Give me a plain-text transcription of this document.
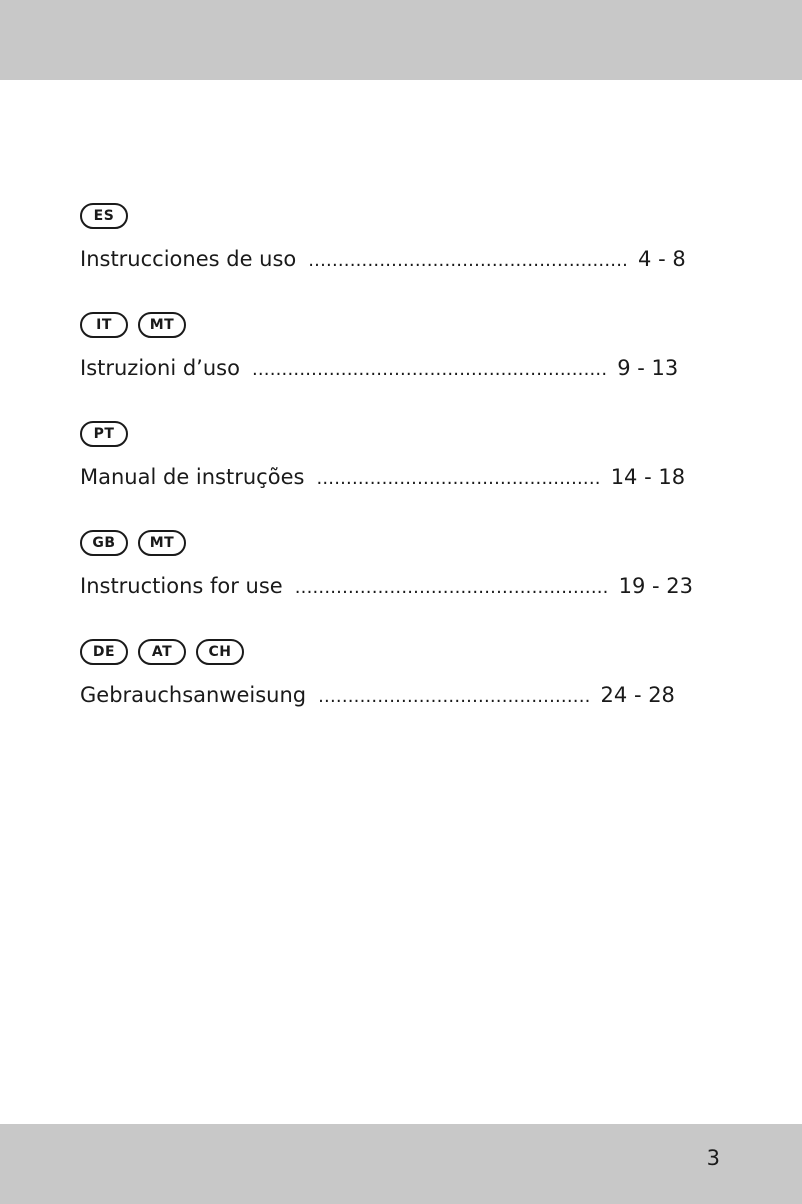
ES
Instrucciones de uso ...................................................... 4 - 8
IT	MT
Istruzioni d’uso ............................................................ 9 - 13
PT
Manual de instruções ................................................ 14 - 18
GB	MT
Instructions for use ..................................................... 19 - 23
DE	AT	CH
Gebrauchsanweisung .............................................. 24 - 28
3
